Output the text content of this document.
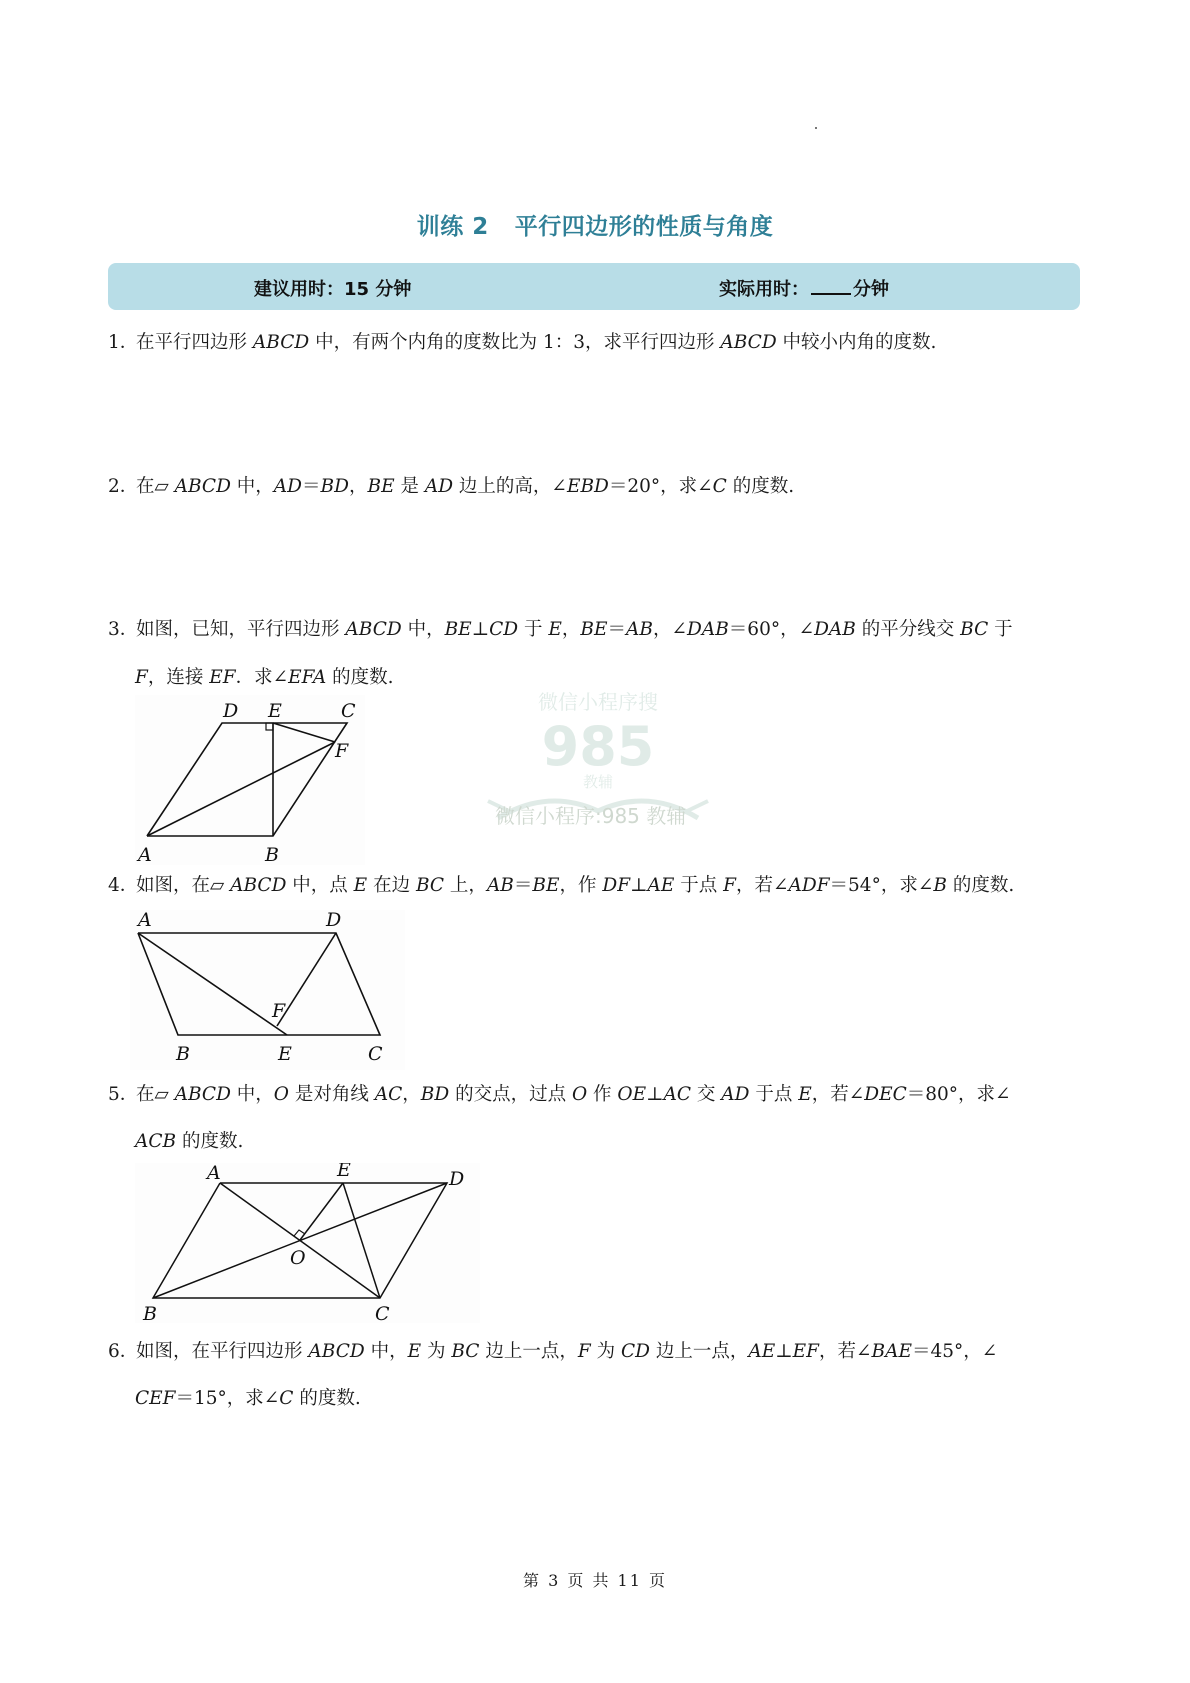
训练 2 平行四边形的性质与角度
建议用时：15 分钟	实际用时： 分钟
1．在平行四边形 ABCD 中，有两个内角的度数比为 1：3，求平行四边形 ABCD 中较小内角的度数.
2．在▱ ABCD 中，AD＝BD，BE 是 AD 边上的高，∠EBD＝20°，求∠C 的度数.
3．如图，已知，平行四边形 ABCD 中，BE⊥CD 于 E，BE＝AB，∠DAB＝60°，∠DAB 的平分线交 BC 于
F，连接 EF．求∠EFA 的度数.
A	B
C
D E
F
微信小程序搜
985
教辅
微信小程序:985 教辅
4．如图，在▱ ABCD 中，点 E 在边 BC 上，AB＝BE，作 DF⊥AE 于点 F，若∠ADF＝54°，求∠B 的度数.
A	D
B	E	C
F
5．在▱ ABCD 中，O 是对角线 AC，BD 的交点，过点 O 作 OE⊥AC 交 AD 于点 E，若∠DEC＝80°，求∠
ACB 的度数.
A	E	D
O
B	C
6．如图，在平行四边形 ABCD 中，E 为 BC 边上一点，F 为 CD 边上一点，AE⊥EF，若∠BAE＝45°，∠
CEF＝15°，求∠C 的度数.
第 3 页 共 11 页
